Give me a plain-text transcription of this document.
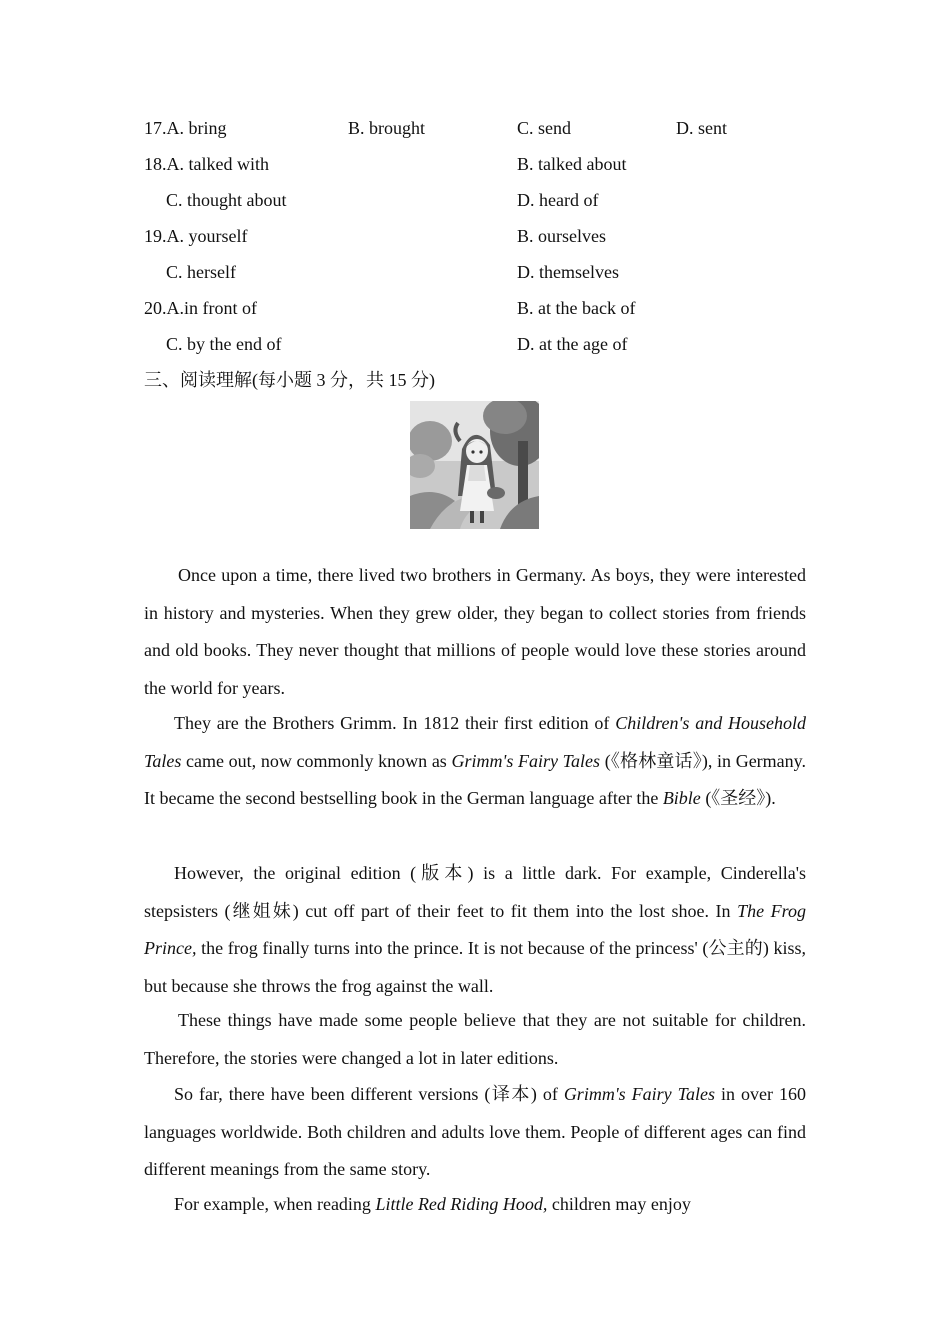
17.A. bring	B. brought	C. send	D. sent
18.A. talked with	B. talked about
C. thought about	D. heard of
19.A. yourself	B. ourselves
C. herself	D. themselves
20.A.in front of	B. at the back of
C. by the end of	D. at the age of
三、阅读理解(每小题 3 分，共 15 分)

Once upon a time, there lived two brothers in Germany. As boys, they were interested in history and mysteries. When they grew older, they began to collect stories from friends and old books. They never thought that millions of people would love these stories around the world for years.

They are the Brothers Grimm. In 1812 their first edition of Children's and Household Tales came out, now commonly known as Grimm's Fairy Tales (《格林童话》), in Germany. It became the second bestselling book in the German language after the Bible (《圣经》).

However, the original edition (版本) is a little dark. For example, Cinderella's stepsisters (继姐妹) cut off part of their feet to fit them into the lost shoe. In The Frog Prince, the frog finally turns into the prince. It is not because of the princess' (公主的) kiss, but because she throws the frog against the wall.

These things have made some people believe that they are not suitable for children. Therefore, the stories were changed a lot in later editions.

So far, there have been different versions (译本) of Grimm's Fairy Tales in over 160 languages worldwide. Both children and adults love them. People of different ages can find different meanings from the same story.

For example, when reading Little Red Riding Hood, children may enjoy
